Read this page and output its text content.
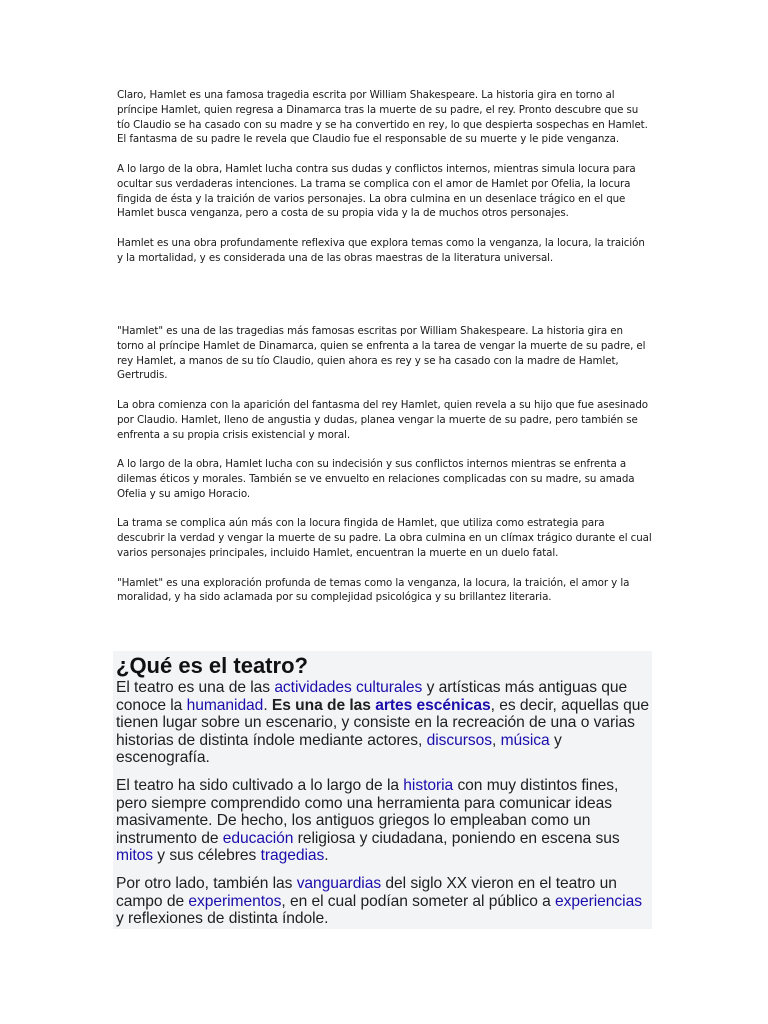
Claro, Hamlet es una famosa tragedia escrita por William Shakespeare. La historia gira en torno al príncipe Hamlet, quien regresa a Dinamarca tras la muerte de su padre, el rey. Pronto descubre que su tío Claudio se ha casado con su madre y se ha convertido en rey, lo que despierta sospechas en Hamlet. El fantasma de su padre le revela que Claudio fue el responsable de su muerte y le pide venganza.

A lo largo de la obra, Hamlet lucha contra sus dudas y conflictos internos, mientras simula locura para ocultar sus verdaderas intenciones. La trama se complica con el amor de Hamlet por Ofelia, la locura fingida de ésta y la traición de varios personajes. La obra culmina en un desenlace trágico en el que Hamlet busca venganza, pero a costa de su propia vida y la de muchos otros personajes.

Hamlet es una obra profundamente reflexiva que explora temas como la venganza, la locura, la traición y la mortalidad, y es considerada una de las obras maestras de la literatura universal.

"Hamlet" es una de las tragedias más famosas escritas por William Shakespeare. La historia gira en torno al príncipe Hamlet de Dinamarca, quien se enfrenta a la tarea de vengar la muerte de su padre, el rey Hamlet, a manos de su tío Claudio, quien ahora es rey y se ha casado con la madre de Hamlet, Gertrudis.

La obra comienza con la aparición del fantasma del rey Hamlet, quien revela a su hijo que fue asesinado por Claudio. Hamlet, lleno de angustia y dudas, planea vengar la muerte de su padre, pero también se enfrenta a su propia crisis existencial y moral.

A lo largo de la obra, Hamlet lucha con su indecisión y sus conflictos internos mientras se enfrenta a dilemas éticos y morales. También se ve envuelto en relaciones complicadas con su madre, su amada Ofelia y su amigo Horacio.

La trama se complica aún más con la locura fingida de Hamlet, que utiliza como estrategia para descubrir la verdad y vengar la muerte de su padre. La obra culmina en un clímax trágico durante el cual varios personajes principales, incluido Hamlet, encuentran la muerte en un duelo fatal.

"Hamlet" es una exploración profunda de temas como la venganza, la locura, la traición, el amor y la moralidad, y ha sido aclamada por su complejidad psicológica y su brillantez literaria.

¿Qué es el teatro?

El teatro es una de las actividades culturales y artísticas más antiguas que conoce la humanidad. Es una de las artes escénicas, es decir, aquellas que tienen lugar sobre un escenario, y consiste en la recreación de una o varias historias de distinta índole mediante actores, discursos, música y escenografía.

El teatro ha sido cultivado a lo largo de la historia con muy distintos fines, pero siempre comprendido como una herramienta para comunicar ideas masivamente. De hecho, los antiguos griegos lo empleaban como un instrumento de educación religiosa y ciudadana, poniendo en escena sus mitos y sus célebres tragedias.

Por otro lado, también las vanguardias del siglo XX vieron en el teatro un campo de experimentos, en el cual podían someter al público a experiencias y reflexiones de distinta índole.
